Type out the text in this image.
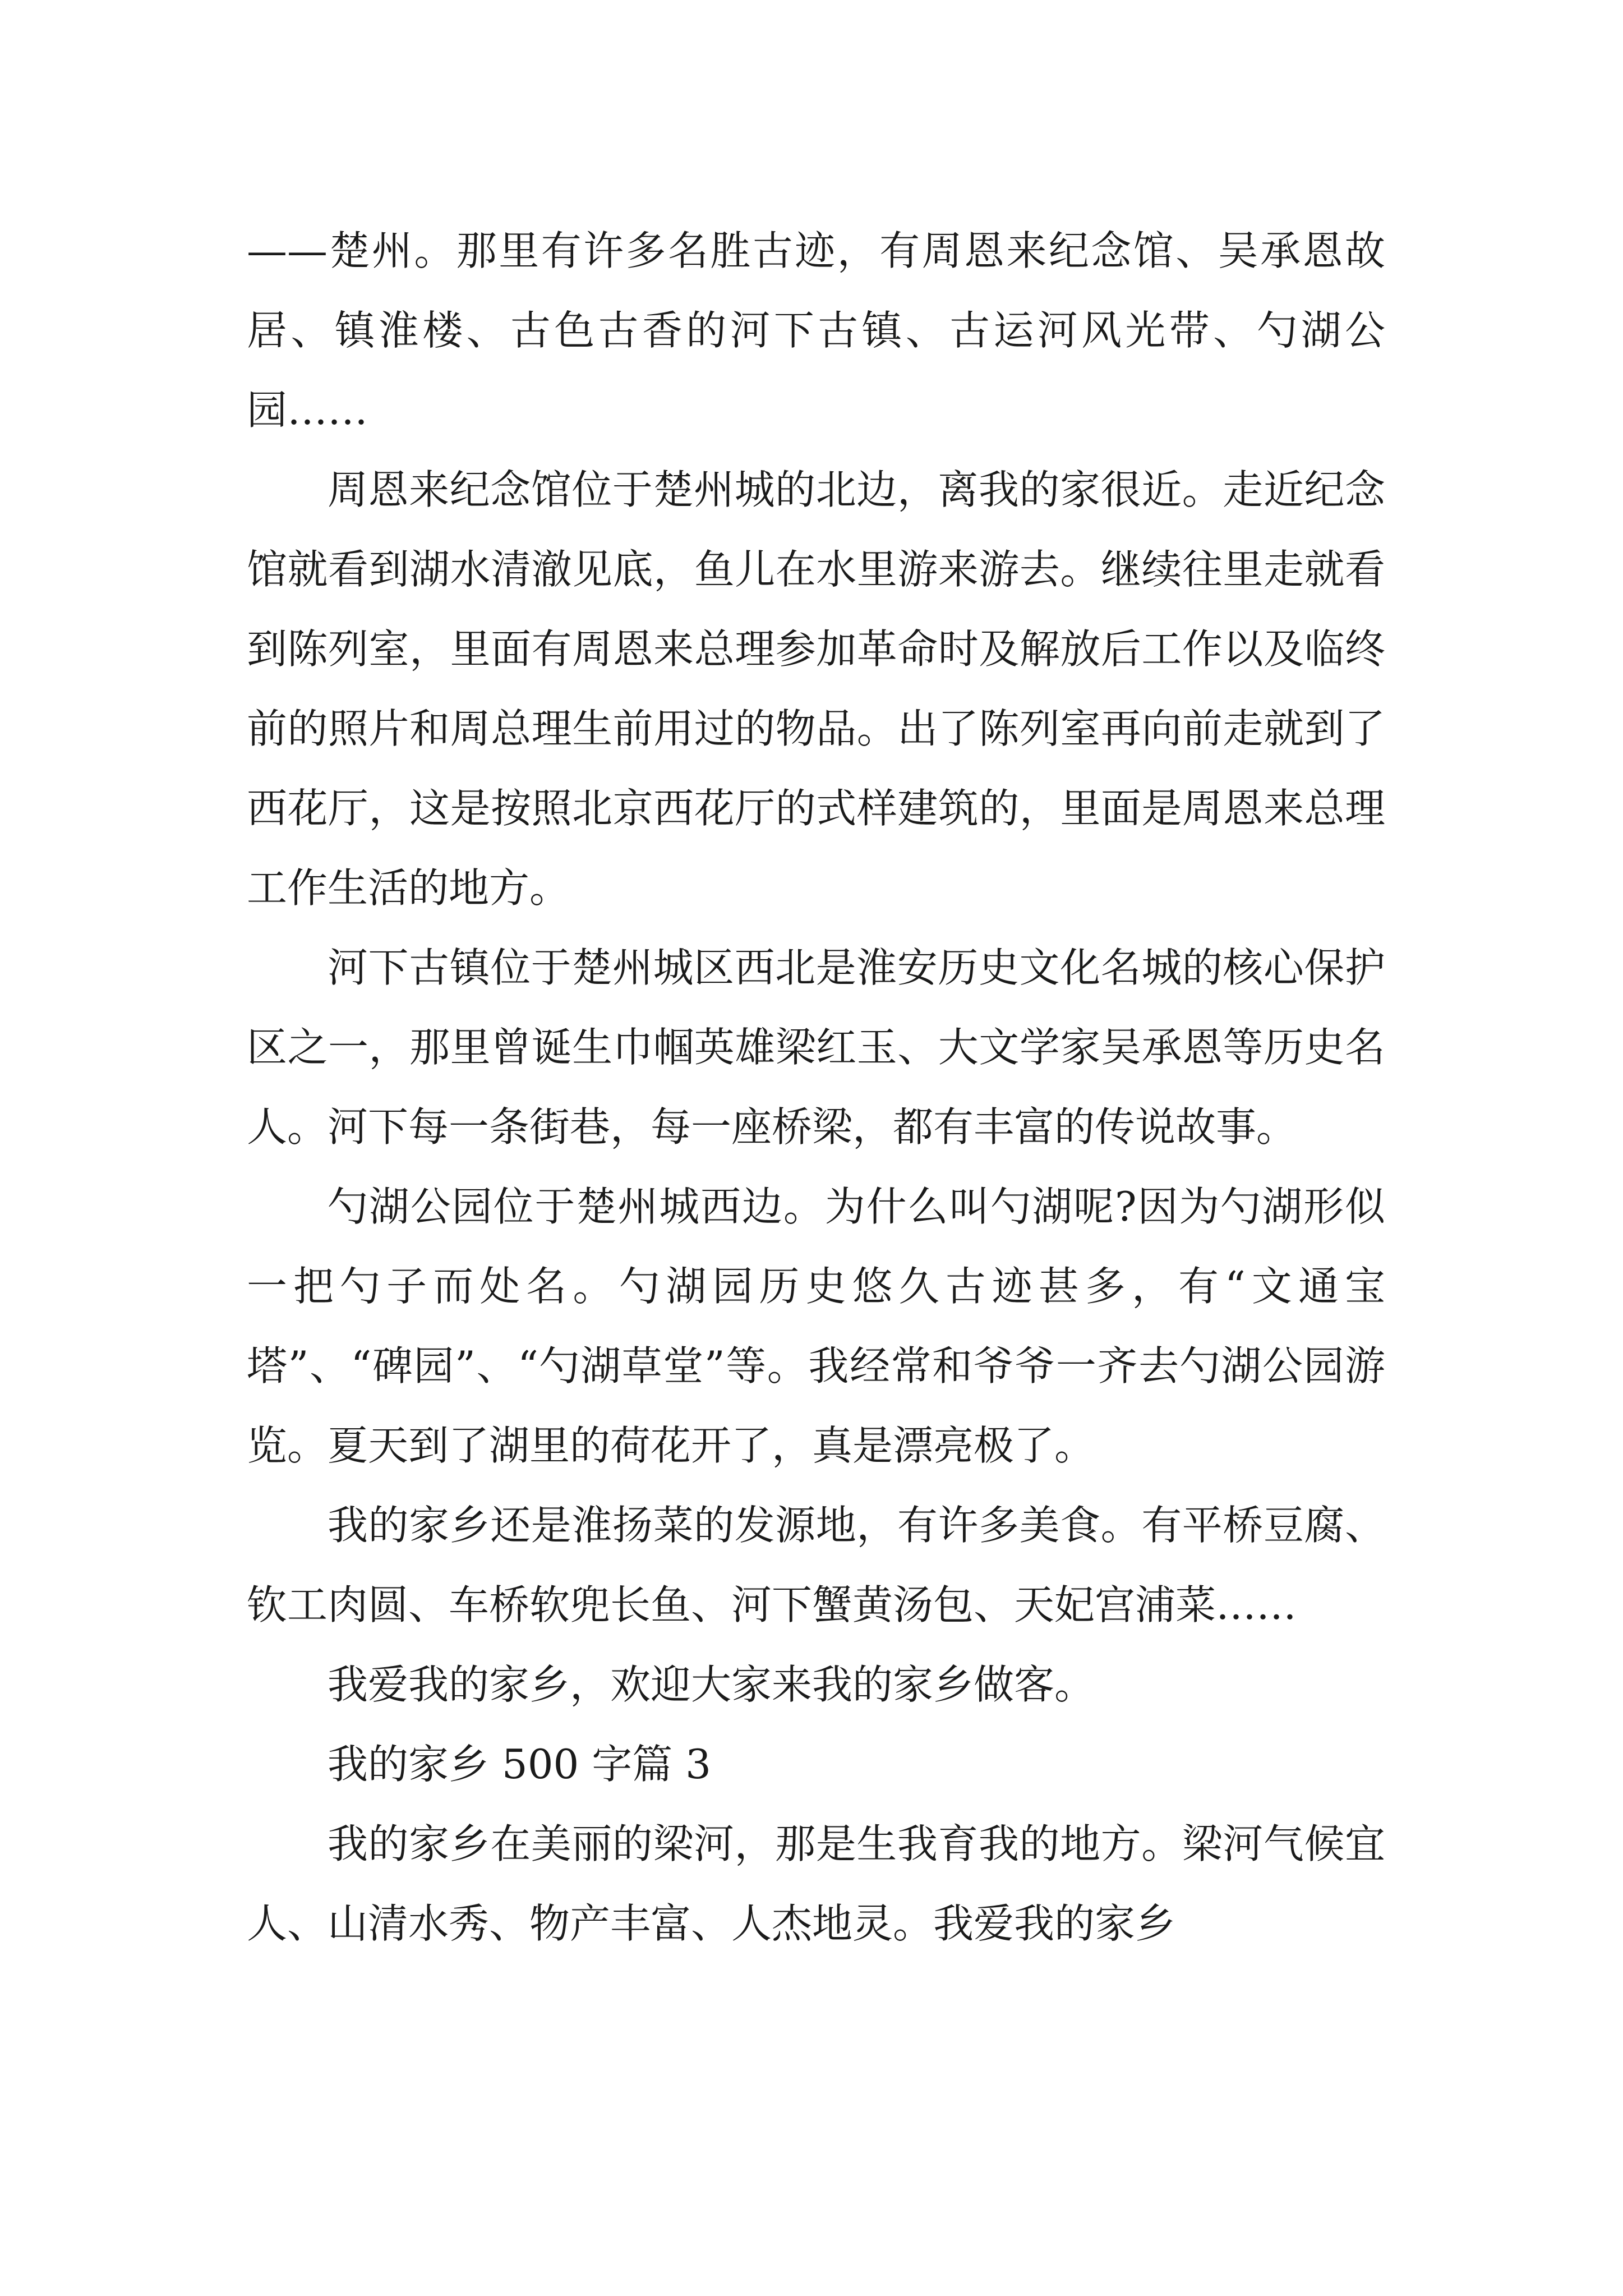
——楚州。那里有许多名胜古迹，有周恩来纪念馆、吴承恩故居、镇淮楼、古色古香的河下古镇、古运河风光带、勺湖公园……

周恩来纪念馆位于楚州城的北边，离我的家很近。走近纪念馆就看到湖水清澈见底，鱼儿在水里游来游去。继续往里走就看到陈列室，里面有周恩来总理参加革命时及解放后工作以及临终前的照片和周总理生前用过的物品。出了陈列室再向前走就到了西花厅，这是按照北京西花厅的式样建筑的，里面是周恩来总理工作生活的地方。

河下古镇位于楚州城区西北是淮安历史文化名城的核心保护区之一，那里曾诞生巾帼英雄梁红玉、大文学家吴承恩等历史名人。河下每一条街巷，每一座桥梁，都有丰富的传说故事。

勺湖公园位于楚州城西边。为什么叫勺湖呢?因为勺湖形似一把勺子而处名。勺湖园历史悠久古迹甚多，有“文通宝塔”、“碑园”、“勺湖草堂”等。我经常和爷爷一齐去勺湖公园游览。夏天到了湖里的荷花开了，真是漂亮极了。

我的家乡还是淮扬菜的发源地，有许多美食。有平桥豆腐、钦工肉圆、车桥软兜长鱼、河下蟹黄汤包、天妃宫浦菜……

我爱我的家乡，欢迎大家来我的家乡做客。

我的家乡 500 字篇 3

我的家乡在美丽的梁河，那是生我育我的地方。梁河气候宜人、山清水秀、物产丰富、人杰地灵。我爱我的家乡
